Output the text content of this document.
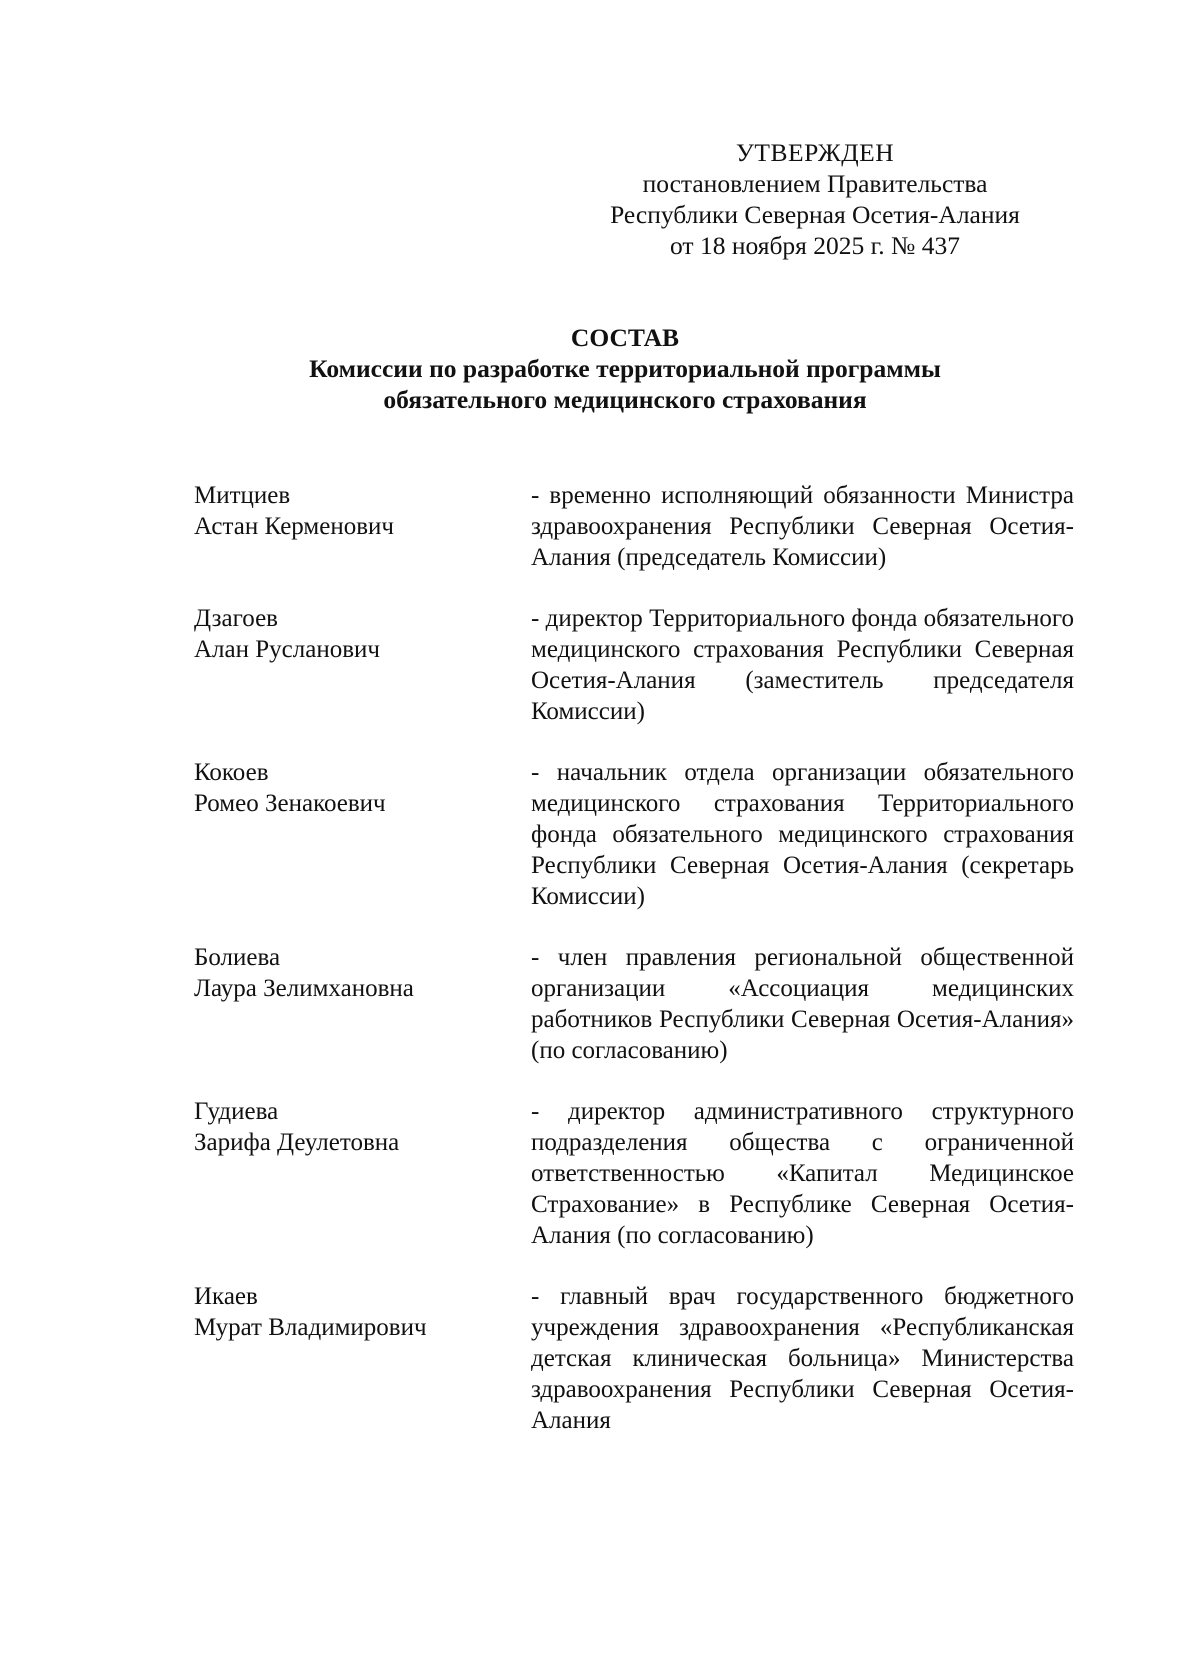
УТВЕРЖДЕН
постановлением Правительства
Республики Северная Осетия-Алания
от 18 ноября 2025 г. № 437
СОСТАВ
Комиссии по разработке территориальной программы
обязательного медицинского страхования
Митциев
Астан Керменович
- временно исполняющий обязанности Министра здравоохранения Республики Северная Осетия-Алания (председатель Комиссии)
Дзагоев
Алан Русланович
- директор Территориального фонда обязательного медицинского страхования Республики Северная Осетия-Алания (заместитель председателя Комиссии)
Кокоев
Ромео Зенакоевич
- начальник отдела организации обязательного медицинского страхования Территориального фонда обязательного медицинского страхования Республики Северная Осетия-Алания (секретарь Комиссии)
Болиева
Лаура Зелимхановна
- член правления региональной общественной организации «Ассоциация медицинских работников Республики Северная Осетия-Алания» (по согласованию)
Гудиева
Зарифа Деулетовна
- директор административного структурного подразделения общества с ограниченной ответственностью «Капитал Медицинское Страхование» в Республике Северная Осетия-Алания (по согласованию)
Икаев
Мурат Владимирович
- главный врач государственного бюджетного учреждения здравоохранения «Республиканская детская клиническая больница» Министерства здравоохранения Республики Северная Осетия-Алания
